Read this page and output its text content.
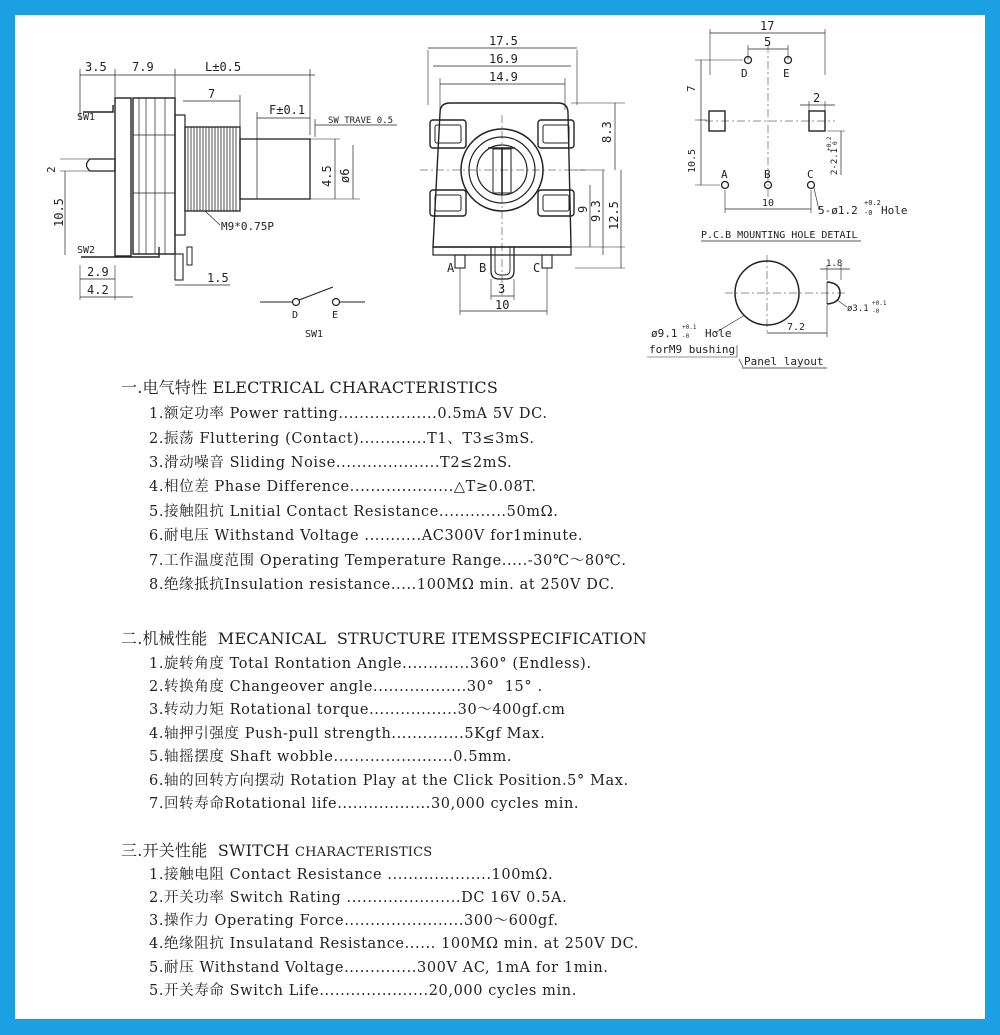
3.5 7.9	L±0.5
7
F±0.1
SW TRAVE 0.5
4.5 ø6
M9*0.75P
SW1
2
10.5
SW2
2.9
4.2
1.5
D	E
SW1
17.5
16.9
14.9
8.3
9 9.3 12.5
A B	C
3
10
17
5
D	E
7
2
10.5	2-2.1
+0.2 0
A	B	C
10
5-ø1.2
+0.2
-0 Hole
P.C.B MOUNTING HOLE DETAIL
1.8
ø3.1
+0.1
-0
7.2
ø9.1 +0.1
-0 Hole
forM9 bushing
Panel layout
一.电气特性 ELECTRICAL CHARACTERISTICS
1.额定功率 Power ratting...................0.5mA 5V DC.
2.振荡 Fluttering (Contact).............T1、T3≤3mS.
3.滑动噪音 Sliding Noise....................T2≤2mS.
4.相位差 Phase Difference....................△T≥0.08T.
5.接触阻抗 Lnitial Contact Resistance.............50mΩ.
6.耐电压 Withstand Voltage ...........AC300V for1minute.
7.工作温度范围 Operating Temperature Range.....-30℃～80℃.
8.绝缘抵抗Insulation resistance.....100MΩ min. at 250V DC.
二.机械性能  MECANICAL  STRUCTURE ITEMSSPECIFICATION
1.旋转角度 Total Rontation Angle.............360° (Endless).
2.转换角度 Changeover angle..................30°  15° .
3.转动力矩 Rotational torque.................30～400gf.cm
4.轴押引强度 Push-pull strength..............5Kgf Max.
5.轴摇摆度 Shaft wobble.......................0.5mm.
6.轴的回转方向摆动 Rotation Play at the Click Position.5° Max.
7.回转寿命Rotational life..................30,000 cycles min.
三.开关性能  SWITCH CHARACTERISTICS
1.接触电阻 Contact Resistance ....................100mΩ.
2.开关功率 Switch Rating ......................DC 16V 0.5A.
3.操作力 Operating Force.......................300～600gf.
4.绝缘阻抗 Insulatand Resistance...... 100MΩ min. at 250V DC.
5.耐压 Withstand Voltage..............300V AC, 1mA for 1min.
5.开关寿命 Switch Life.....................20,000 cycles min.
